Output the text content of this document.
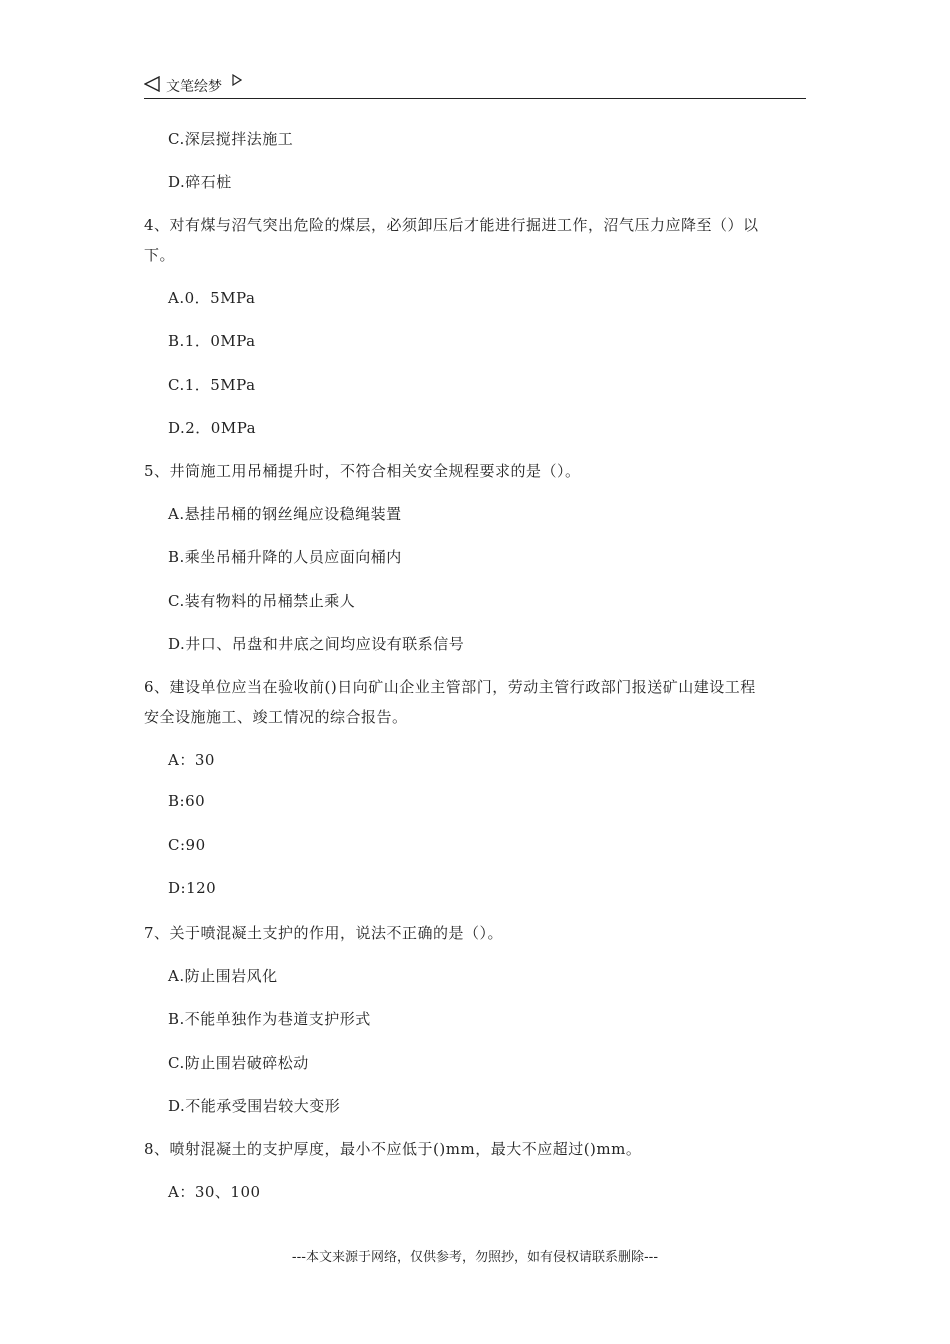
文笔绘梦
C.深层搅拌法施工
D.碎石桩
4、对有煤与沼气突出危险的煤层，必须卸压后才能进行掘进工作，沼气压力应降至（）以
下。
A.0．5MPa
B.1．0MPa
C.1．5MPa
D.2．0MPa
5、井筒施工用吊桶提升时，不符合相关安全规程要求的是（）。
A.悬挂吊桶的钢丝绳应设稳绳装置
B.乘坐吊桶升降的人员应面向桶内
C.装有物料的吊桶禁止乘人
D.井口、吊盘和井底之间均应设有联系信号
6、建设单位应当在验收前()日向矿山企业主管部门，劳动主管行政部门报送矿山建设工程
安全设施施工、竣工情况的综合报告。
A：30
B:60
C:90
D:120
7、关于喷混凝土支护的作用，说法不正确的是（）。
A.防止围岩风化
B.不能单独作为巷道支护形式
C.防止围岩破碎松动
D.不能承受围岩较大变形
8、喷射混凝土的支护厚度，最小不应低于()mm，最大不应超过()mm。
A：30、100
---本文来源于网络，仅供参考，勿照抄，如有侵权请联系删除---
